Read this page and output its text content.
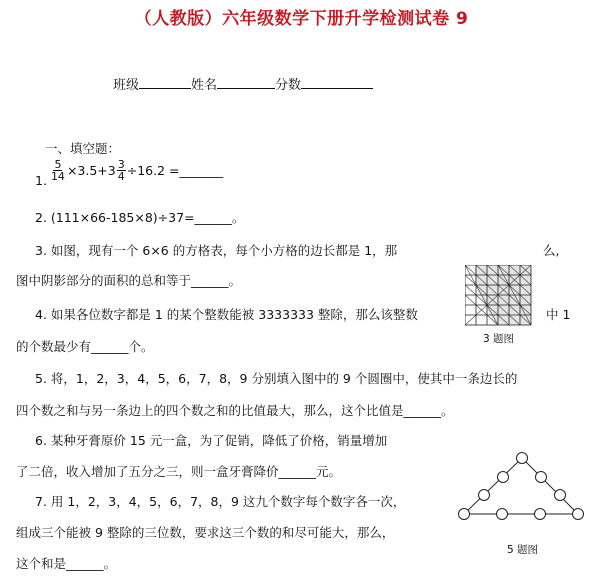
（人教版）六年级数学下册升学检测试卷 9
班级	姓名	分数
一、填空题：
1. $\frac{5}{14} \times 3.5+3 \frac{3}{4} \div 16.2$ = _______
2. (111×66-185×8)÷37=______。
3. 如图，现有一个 6×6 的方格表，每个小方格的边长都是 1，那	么,
图中阴影部分的面积的总和等于______。
3 题图
4. 如果各位数字都是 1 的某个整数能被 3333333 整除，那么该整数	中 1
的个数最少有______个。
5. 将，1，2，3，4，5，6，7，8，9 分别填入图中的 9 个圆圈中，使其中一条边长的
四个数之和与另一条边上的四个数之和的比值最大，那么，这个比值是______。
6. 某种牙膏原价 15 元一盒，为了促销，降低了价格，销量增加
了二倍，收入增加了五分之三，则一盒牙膏降价______元。
7. 用 1，2，3，4，5，6，7，8，9 这九个数字每个数字各一次，
组成三个能被 9 整除的三位数，要求这三个数的和尽可能大，那么，
这个和是______。
5 题图
